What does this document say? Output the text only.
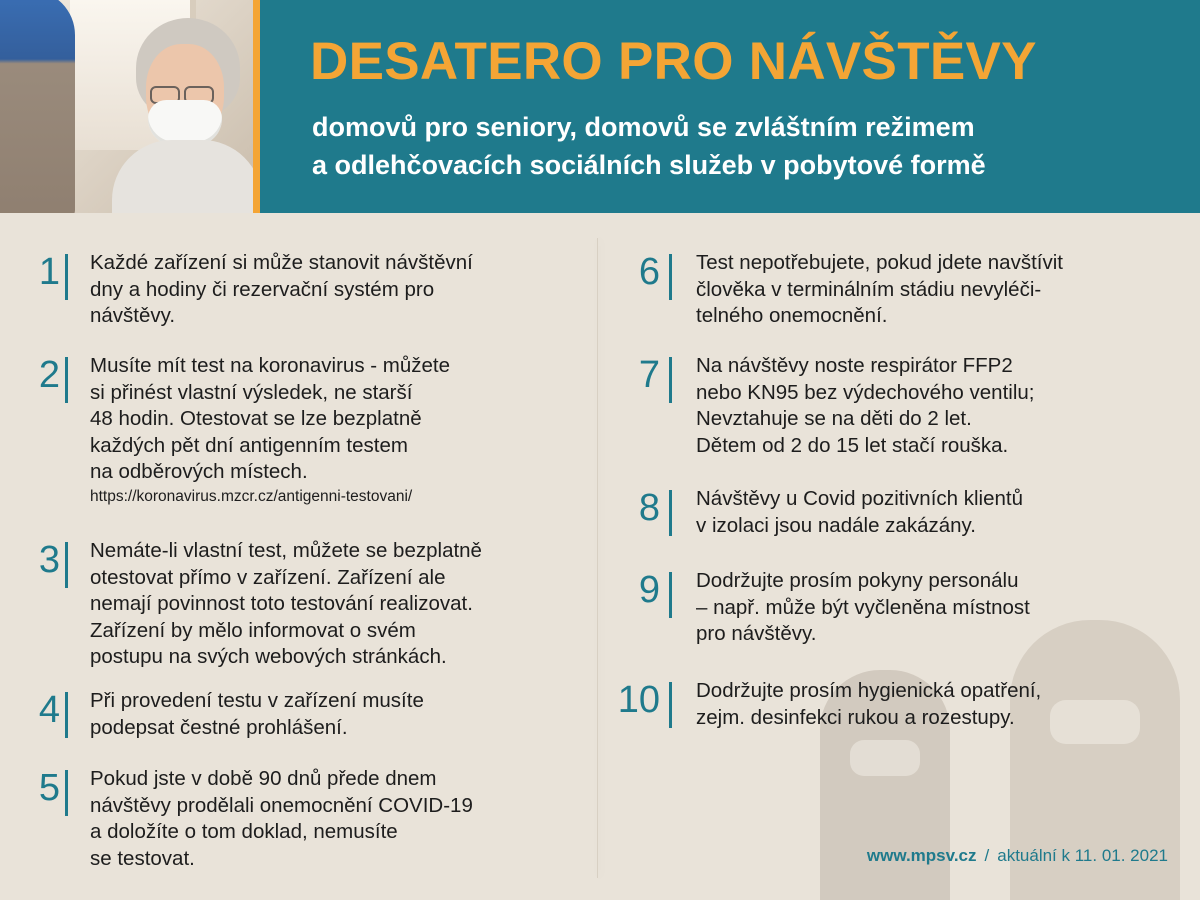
DESATERO PRO NÁVŠTĚVY
domovů pro seniory, domovů se zvláštním režimem
a odlehčovacích sociálních služeb v pobytové formě
1 Každé zařízení si může stanovit návštěvní
dny a hodiny či rezervační systém pro
návštěvy.
2 Musíte mít test na koronavirus - můžete
si přinést vlastní výsledek, ne starší
48 hodin. Otestovat se lze bezplatně
každých pět dní antigenním testem
na odběrových místech.
https://koronavirus.mzcr.cz/antigenni-testovani/
3 Nemáte-li vlastní test, můžete se bezplatně
otestovat přímo v zařízení. Zařízení ale
nemají povinnost toto testování realizovat.
Zařízení by mělo informovat o svém
postupu na svých webových stránkách.
4 Při provedení testu v zařízení musíte
podepsat čestné prohlášení.
5 Pokud jste v době 90 dnů přede dnem
návštěvy prodělali onemocnění COVID-19
a doložíte o tom doklad, nemusíte
se testovat.
6 Test nepotřebujete, pokud jdete navštívit
člověka v terminálním stádiu nevyléči-
telného onemocnění.
7 Na návštěvy noste respirátor FFP2
nebo KN95 bez výdechového ventilu;
Nevztahuje se na děti do 2 let.
Dětem od 2 do 15 let stačí rouška.
8 Návštěvy u Covid pozitivních klientů
v izolaci jsou nadále zakázány.
9 Dodržujte prosím pokyny personálu
– např. může být vyčleněna místnost
pro návštěvy.
10 Dodržujte prosím hygienická opatření,
zejm. desinfekci rukou a rozestupy.
www.mpsv.cz / aktuální k 11. 01. 2021
